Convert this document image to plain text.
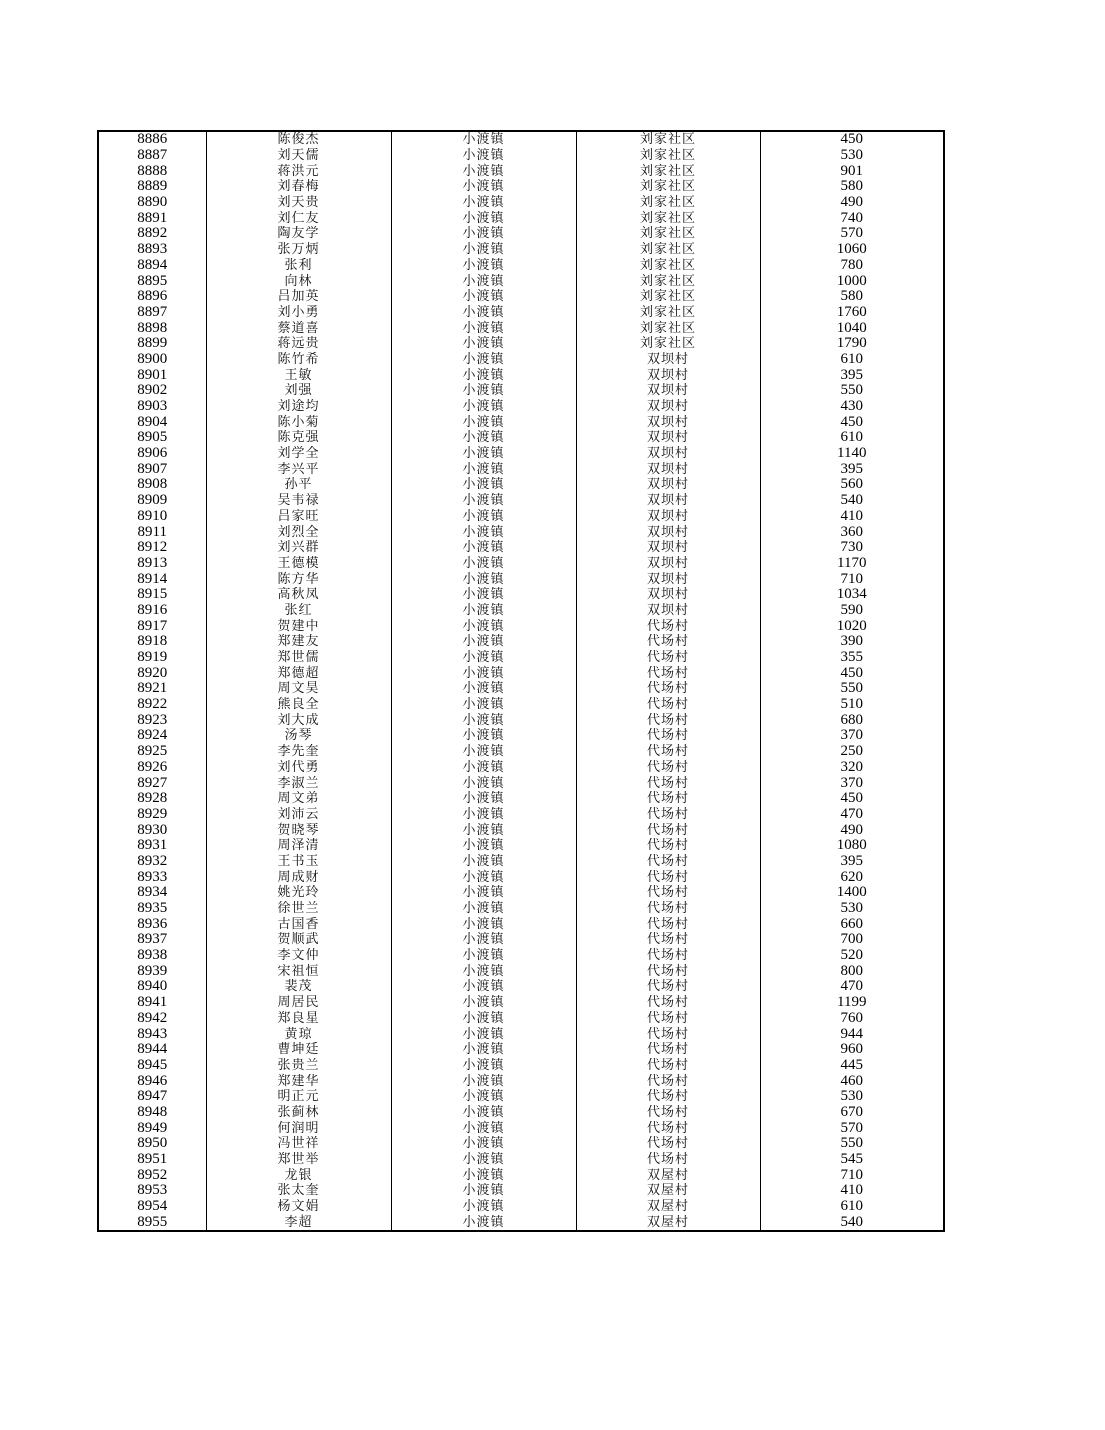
8886	陈俊杰	小渡镇	刘家社区	450
8887	刘天儒	小渡镇	刘家社区	530
8888	蒋洪元	小渡镇	刘家社区	901
8889	刘春梅	小渡镇	刘家社区	580
8890	刘天贵	小渡镇	刘家社区	490
8891	刘仁友	小渡镇	刘家社区	740
8892	陶友学	小渡镇	刘家社区	570
8893	张万炳	小渡镇	刘家社区	1060
8894	张利	小渡镇	刘家社区	780
8895	向林	小渡镇	刘家社区	1000
8896	吕加英	小渡镇	刘家社区	580
8897	刘小勇	小渡镇	刘家社区	1760
8898	蔡道喜	小渡镇	刘家社区	1040
8899	蒋远贵	小渡镇	刘家社区	1790
8900	陈竹希	小渡镇	双坝村	610
8901	王敏	小渡镇	双坝村	395
8902	刘强	小渡镇	双坝村	550
8903	刘途均	小渡镇	双坝村	430
8904	陈小菊	小渡镇	双坝村	450
8905	陈克强	小渡镇	双坝村	610
8906	刘学全	小渡镇	双坝村	1140
8907	李兴平	小渡镇	双坝村	395
8908	孙平	小渡镇	双坝村	560
8909	吴韦禄	小渡镇	双坝村	540
8910	吕家旺	小渡镇	双坝村	410
8911	刘烈全	小渡镇	双坝村	360
8912	刘兴群	小渡镇	双坝村	730
8913	王德模	小渡镇	双坝村	1170
8914	陈方华	小渡镇	双坝村	710
8915	高秋凤	小渡镇	双坝村	1034
8916	张红	小渡镇	双坝村	590
8917	贺建中	小渡镇	代场村	1020
8918	郑建友	小渡镇	代场村	390
8919	郑世儒	小渡镇	代场村	355
8920	郑德超	小渡镇	代场村	450
8921	周文昊	小渡镇	代场村	550
8922	熊良全	小渡镇	代场村	510
8923	刘大成	小渡镇	代场村	680
8924	汤琴	小渡镇	代场村	370
8925	李先奎	小渡镇	代场村	250
8926	刘代勇	小渡镇	代场村	320
8927	李淑兰	小渡镇	代场村	370
8928	周文弟	小渡镇	代场村	450
8929	刘沛云	小渡镇	代场村	470
8930	贺晓琴	小渡镇	代场村	490
8931	周泽清	小渡镇	代场村	1080
8932	王书玉	小渡镇	代场村	395
8933	周成财	小渡镇	代场村	620
8934	姚光玲	小渡镇	代场村	1400
8935	徐世兰	小渡镇	代场村	530
8936	古国香	小渡镇	代场村	660
8937	贺顺武	小渡镇	代场村	700
8938	李文仲	小渡镇	代场村	520
8939	宋祖恒	小渡镇	代场村	800
8940	裴茂	小渡镇	代场村	470
8941	周居民	小渡镇	代场村	1199
8942	郑良星	小渡镇	代场村	760
8943	黄琼	小渡镇	代场村	944
8944	曹坤廷	小渡镇	代场村	960
8945	张贵兰	小渡镇	代场村	445
8946	郑建华	小渡镇	代场村	460
8947	明正元	小渡镇	代场村	530
8948	张蓟林	小渡镇	代场村	670
8949	何润明	小渡镇	代场村	570
8950	冯世祥	小渡镇	代场村	550
8951	郑世举	小渡镇	代场村	545
8952	龙银	小渡镇	双屋村	710
8953	张太奎	小渡镇	双屋村	410
8954	杨文娟	小渡镇	双屋村	610
8955	李超	小渡镇	双屋村	540
